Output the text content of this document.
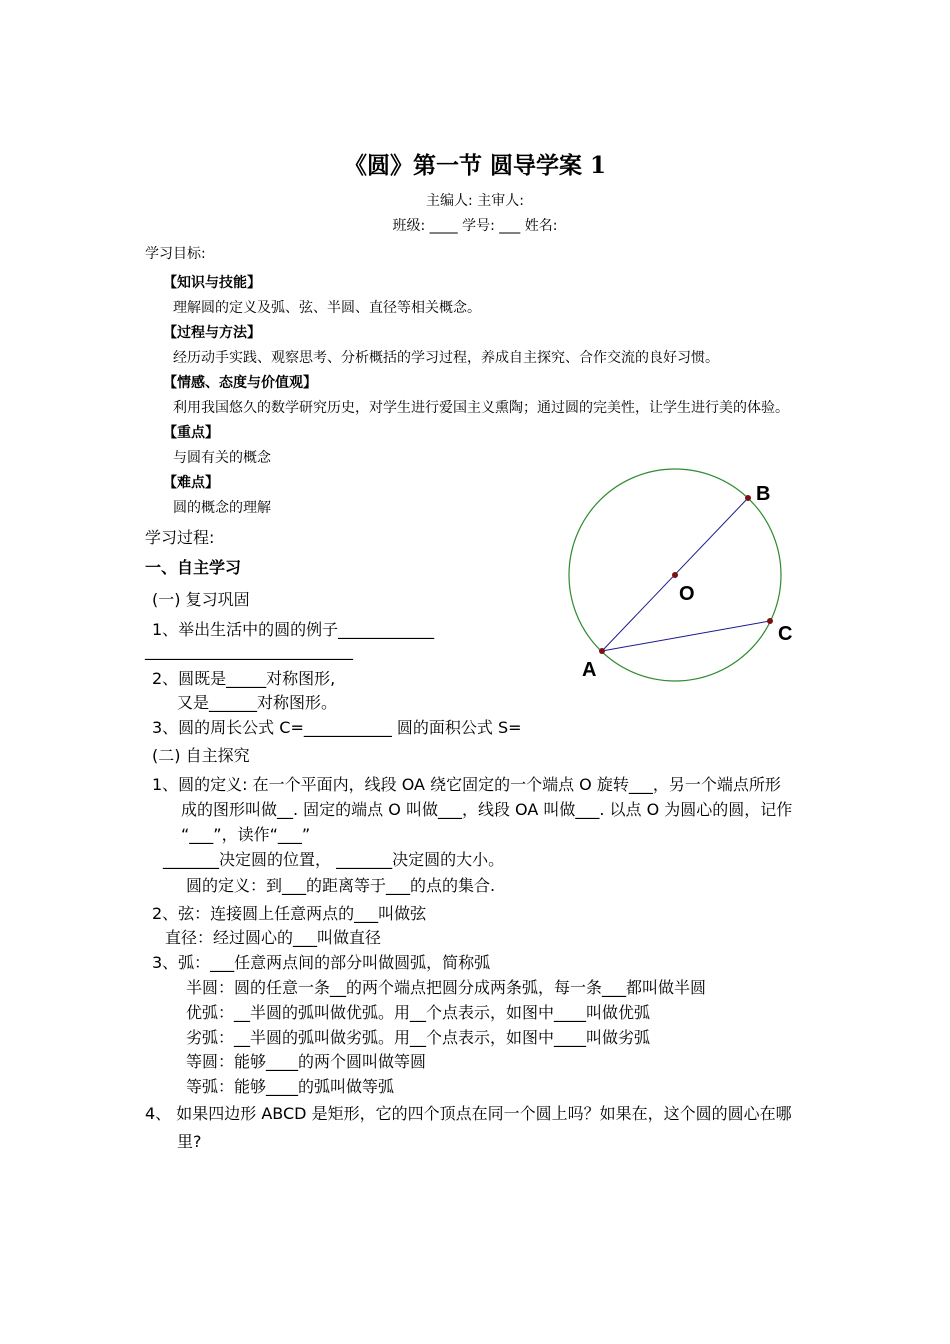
《圆》第一节 圆导学案 1
主编人: 主审人:
班级: ____ 学号: ___ 姓名:
学习目标:
【知识与技能】
理解圆的定义及弧、弦、半圆、直径等相关概念。
【过程与方法】
经历动手实践、观察思考、分析概括的学习过程，养成自主探究、合作交流的良好习惯。
【情感、态度与价值观】
利用我国悠久的数学研究历史，对学生进行爱国主义熏陶；通过圆的完美性，让学生进行美的体验。
【重点】
与圆有关的概念
【难点】
圆的概念的理解
学习过程:
一、自主学习
(一) 复习巩固
1、举出生活中的圆的例子____________
__________________________
2、圆既是_____对称图形,
又是______对称图形。
3、圆的周长公式 C=___________ 圆的面积公式 S=
(二) 自主探究
1、圆的定义: 在一个平面内，线段 OA 绕它固定的一个端点 O 旋转___，另一个端点所形
成的图形叫做__. 固定的端点 O 叫做___，线段 OA 叫做___. 以点 O 为圆心的圆，记作
“___”，读作“___”
_______决定圆的位置， _______决定圆的大小。
圆的定义：到___的距离等于___的点的集合.
2、弦：连接圆上任意两点的___叫做弦
直径：经过圆心的___叫做直径
3、弧：___任意两点间的部分叫做圆弧，简称弧
半圆：圆的任意一条__的两个端点把圆分成两条弧，每一条___都叫做半圆
优弧：__半圆的弧叫做优弧。用__个点表示，如图中____叫做优弧
劣弧：__半圆的弧叫做劣弧。用__个点表示，如图中____叫做劣弧
等圆：能够____的两个圆叫做等圆
等弧：能够____的弧叫做等弧
4、 如果四边形 ABCD 是矩形，它的四个顶点在同一个圆上吗？如果在，这个圆的圆心在哪
里?
B
O
C
A
